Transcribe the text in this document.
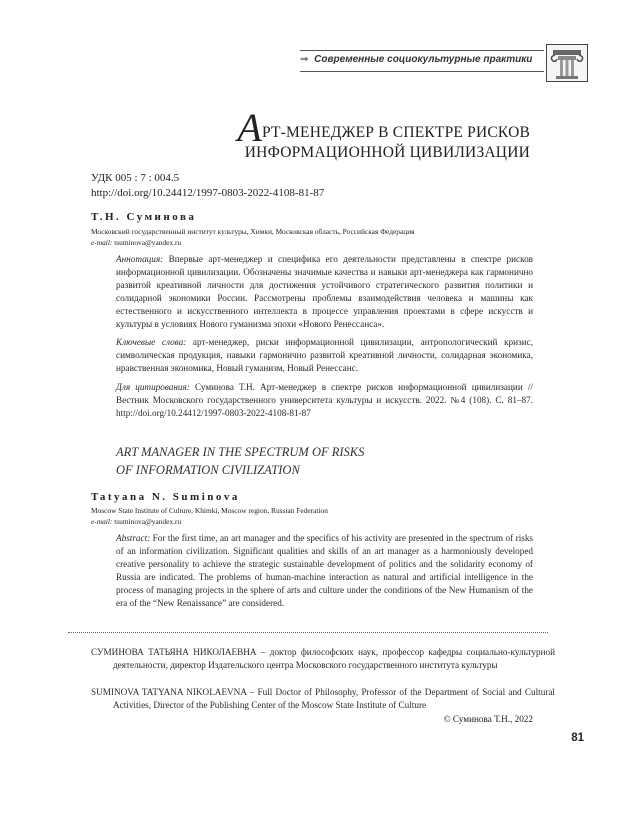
⇒ Современные социокультурные практики
АРТ-МЕНЕДЖЕР В СПЕКТРЕ РИСКОВ
ИНФОРМАЦИОННОЙ ЦИВИЛИЗАЦИИ
УДК 005 : 7 : 004.5
http://doi.org/10.24412/1997-0803-2022-4108-81-87
Т.Н. Суминова
Московский государственный институт культуры, Химки, Московская область, Российская Федерация
e-mail: tsuminova@yandex.ru
Аннотация: Впервые арт-менеджер и специфика его деятельности представлены в спектре рисков информационной цивилизации. Обозначены значимые качества и навыки арт-менеджера как гармонично развитой креативной личности для достижения устойчивого стратегического развития политики и солидарной экономики России. Рассмотрены проблемы взаимодействия человека и машины как естественного и искусственного интеллекта в процессе управления проектами в сфере искусств и культуры в условиях Нового гуманизма эпохи «Нового Ренессанса».
Ключевые слова: арт-менеджер, риски информационной цивилизации, антропологический кризис, символическая продукция, навыки гармонично развитой креативной личности, солидарная экономика, нравственная экономика, Новый гуманизм, Новый Ренессанс.
Для цитирования: Суминова Т.Н. Арт-менеджер в спектре рисков информационной цивилизации // Вестник Московского государственного университета культуры и искусств. 2022. №4 (108). С. 81–87. http://doi.org/10.24412/1997-0803-2022-4108-81-87
ART MANAGER IN THE SPECTRUM OF RISKS
OF INFORMATION CIVILIZATION
Tatyana N. Suminova
Moscow State Institute of Culture, Khimki, Moscow region, Russian Federation
e-mail: tsuminova@yandex.ru
Abstract: For the first time, an art manager and the specifics of his activity are presented in the spectrum of risks of an information civilization. Significant qualities and skills of an art manager as a harmoniously developed creative personality to achieve the strategic sustainable development of politics and the solidarity economy of Russia are indicated. The problems of human-machine interaction as natural and artificial intelligence in the process of managing projects in the sphere of arts and culture under the conditions of the New Humanism of the era of the “New Renaissance” are considered.
СУМИНОВА ТАТЬЯНА НИКОЛАЕВНА – доктор философских наук, профессор кафедры социально-культурной деятельности, директор Издательского центра Московского государственного института культуры
SUMINOVA TATYANA NIKOLAEVNA – Full Doctor of Philosophy, Professor of the Department of Social and Cultural Activities, Director of the Publishing Center of the Moscow State Institute of Culture
© Суминова Т.Н., 2022
81
